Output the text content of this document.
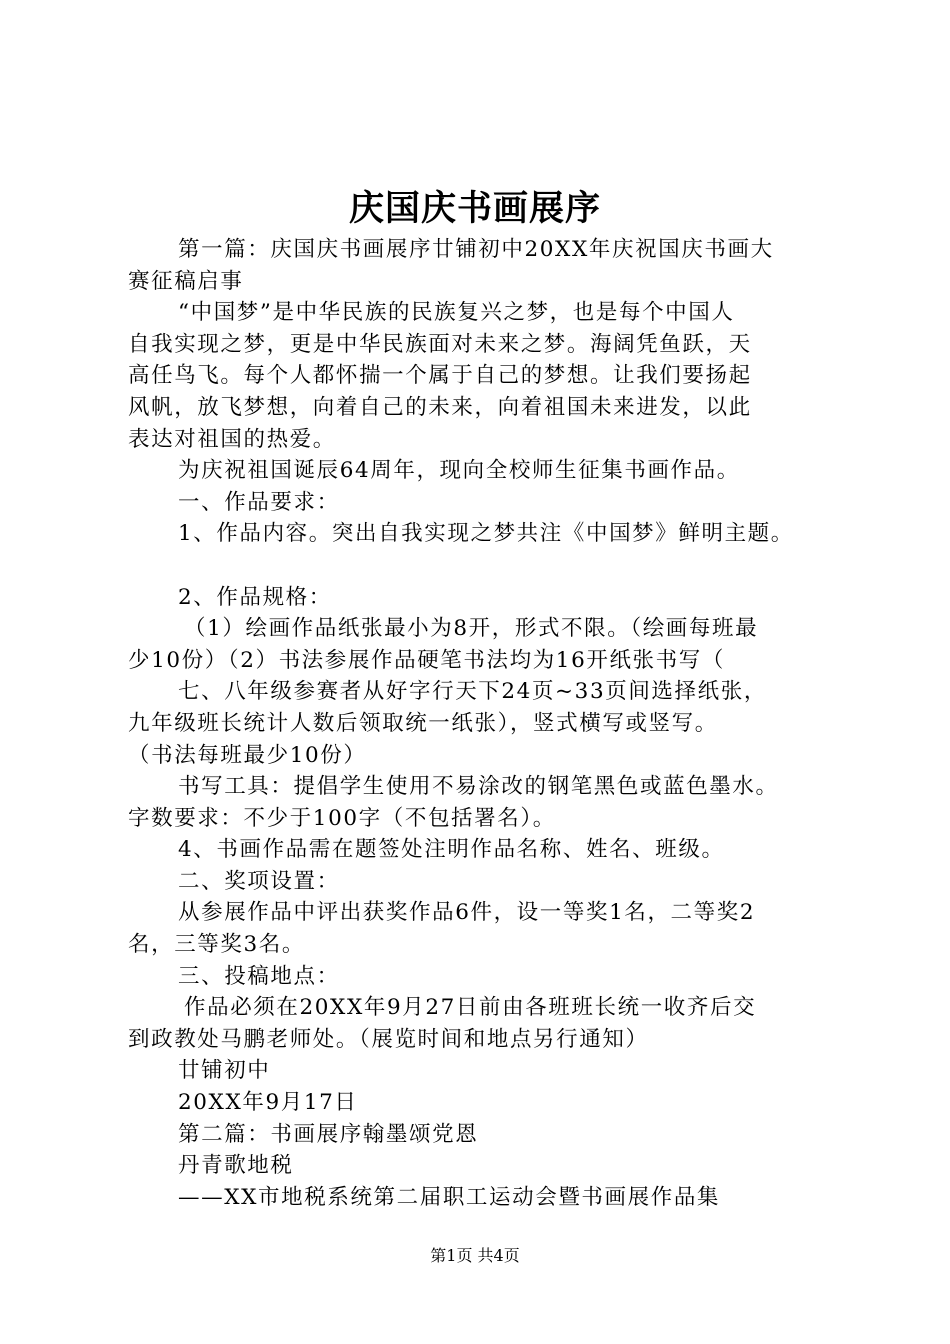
庆国庆书画展序

第一篇：庆国庆书画展序廿铺初中20XX年庆祝国庆书画大

赛征稿启事

“中国梦”是中华民族的民族复兴之梦，也是每个中国人

自我实现之梦，更是中华民族面对未来之梦。海阔凭鱼跃，天

高任鸟飞。每个人都怀揣一个属于自己的梦想。让我们要扬起

风帆，放飞梦想，向着自己的未来，向着祖国未来进发，以此

表达对祖国的热爱。

为庆祝祖国诞辰64周年，现向全校师生征集书画作品。

一、作品要求：

1、作品内容。突出自我实现之梦共注《中国梦》鲜明主题。

2、作品规格：

（1）绘画作品纸张最小为8开，形式不限。（绘画每班最

少10份）（2）书法参展作品硬笔书法均为16开纸张书写（

七、八年级参赛者从好字行天下24页~33页间选择纸张，

九年级班长统计人数后领取统一纸张），竖式横写或竖写。

（书法每班最少10份）

书写工具：提倡学生使用不易涂改的钢笔黑色或蓝色墨水。

字数要求：不少于100字（不包括署名）。

4、书画作品需在题签处注明作品名称、姓名、班级。

二、奖项设置：

从参展作品中评出获奖作品6件，设一等奖1名，二等奖2

名，三等奖3名。

三、投稿地点：

作品必须在20XX年9月27日前由各班班长统一收齐后交

到政教处马鹏老师处。（展览时间和地点另行通知）

廿铺初中

20XX年9月17日

第二篇：书画展序翰墨颂党恩

丹青歌地税

——XX市地税系统第二届职工运动会暨书画展作品集

第1页 共4页
